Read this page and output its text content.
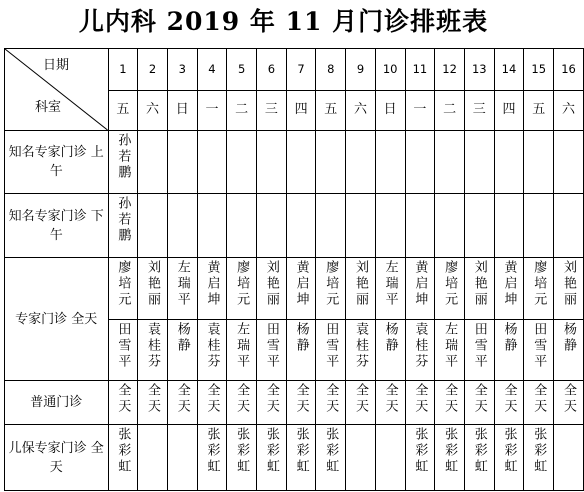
儿内科 2019 年 11 月门诊排班表
日期
科室	1	2	3	4	5	6	7	8	9	10	11	12	13	14	15	16
	五	六	日	一	二	三	四	五	六	日	一	二	三	四	五	六
知名专家门诊 上午	孙若鹏															

知名专家门诊 下午	孙若鹏															

专家门诊 全天	廖培元	刘艳丽	左瑞平	黄启坤	廖培元	刘艳丽	黄启坤	廖培元	刘艳丽	左瑞平	黄启坤	廖培元	刘艳丽	黄启坤	廖培元	刘艳丽

	田雪平	袁桂芬	杨静	袁桂芬	左瑞平	田雪平	杨静	田雪平	袁桂芬	杨静	袁桂芬	左瑞平	田雪平	杨静	田雪平	杨静

普通门诊	全天	全天	全天	全天	全天	全天	全天	全天	全天	全天	全天	全天	全天	全天	全天	全天

儿保专家门诊 全天	张彩虹			张彩虹	张彩虹	张彩虹	张彩虹	张彩虹			张彩虹	张彩虹	张彩虹	张彩虹	张彩虹	
